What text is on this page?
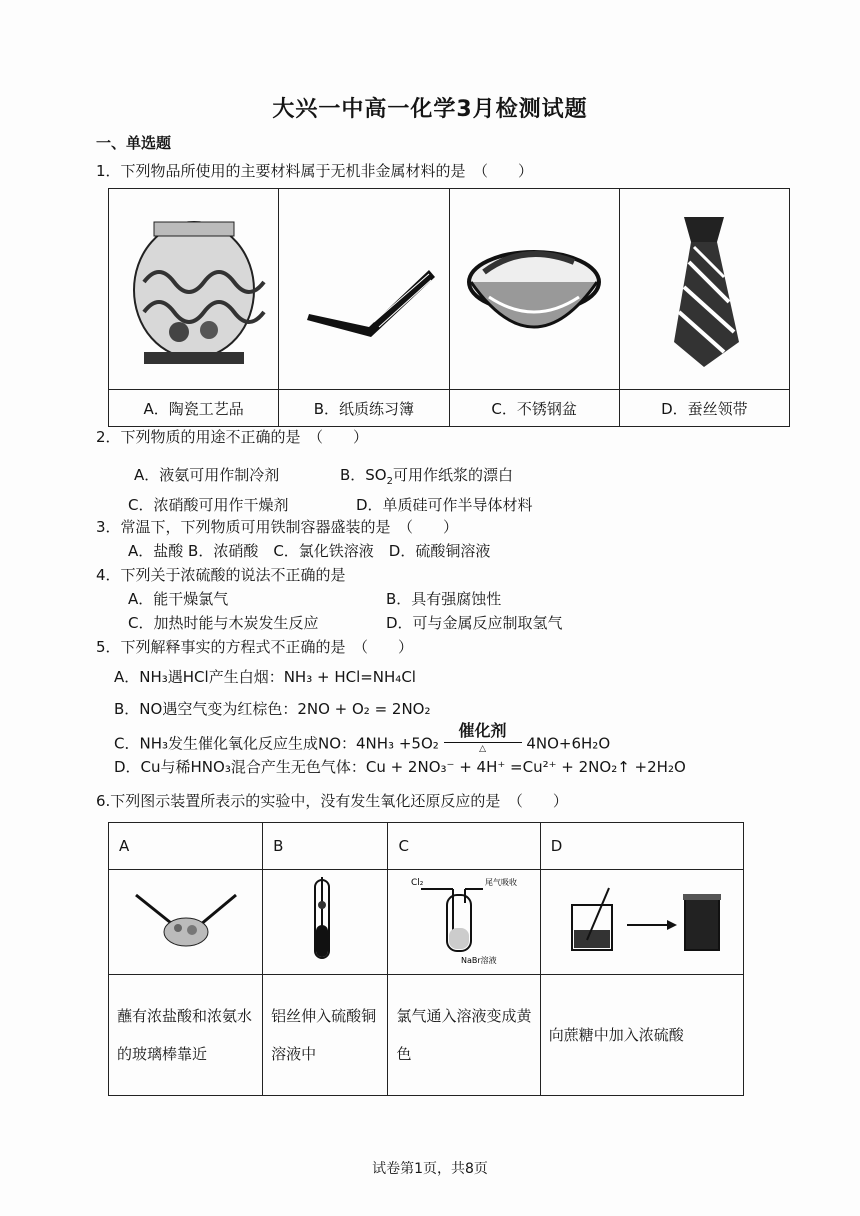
大兴一中高一化学3月检测试题
一、单选题
1．下列物品所使用的主要材料属于无机非金属材料的是　（　　）

A．陶瓷工艺品	B．纸质练习簿	C．不锈钢盆	D．蚕丝领带
2．下列物质的用途不正确的是　（　　）
A．液氨可用作制冷剂	B．$SO_2$可用作纸浆的漂白
C．浓硝酸可用作干燥剂	D．单质硅可作半导体材料
3．常温下，下列物质可用铁制容器盛装的是　（　　）
A．盐酸 B．浓硝酸　C．氯化铁溶液　D．硫酸铜溶液
4．下列关于浓硫酸的说法不正确的是
A．能干燥氯气	B．具有强腐蚀性
C．加热时能与木炭发生反应	D．可与金属反应制取氢气
5．下列解释事实的方程式不正确的是　（　　）
A．NH₃遇HCl产生白烟：NH₃ + HCl=NH₄Cl
B．NO遇空气变为红棕色：2NO + O₂ = 2NO₂
C．NH₃发生催化氧化反应生成NO：4NH₃ +5O₂
催化剂
△	4NO+6H₂O
D．Cu与稀HNO₃混合产生无色气体：Cu + 2NO₃⁻ + 4H⁺ =Cu²⁺ + 2NO₂↑ +2H₂O
6.下列图示装置所表示的实验中，没有发生氧化还原反应的是　（　　）
A	B	C	D

Cl₂ 尾气吸收
NaBr溶液

蘸有浓盐酸和浓氨水的玻璃棒靠近	铝丝伸入硫酸铜溶液中	氯气通入溶液变成黄色	向蔗糖中加入浓硫酸
试卷第1页，共8页
